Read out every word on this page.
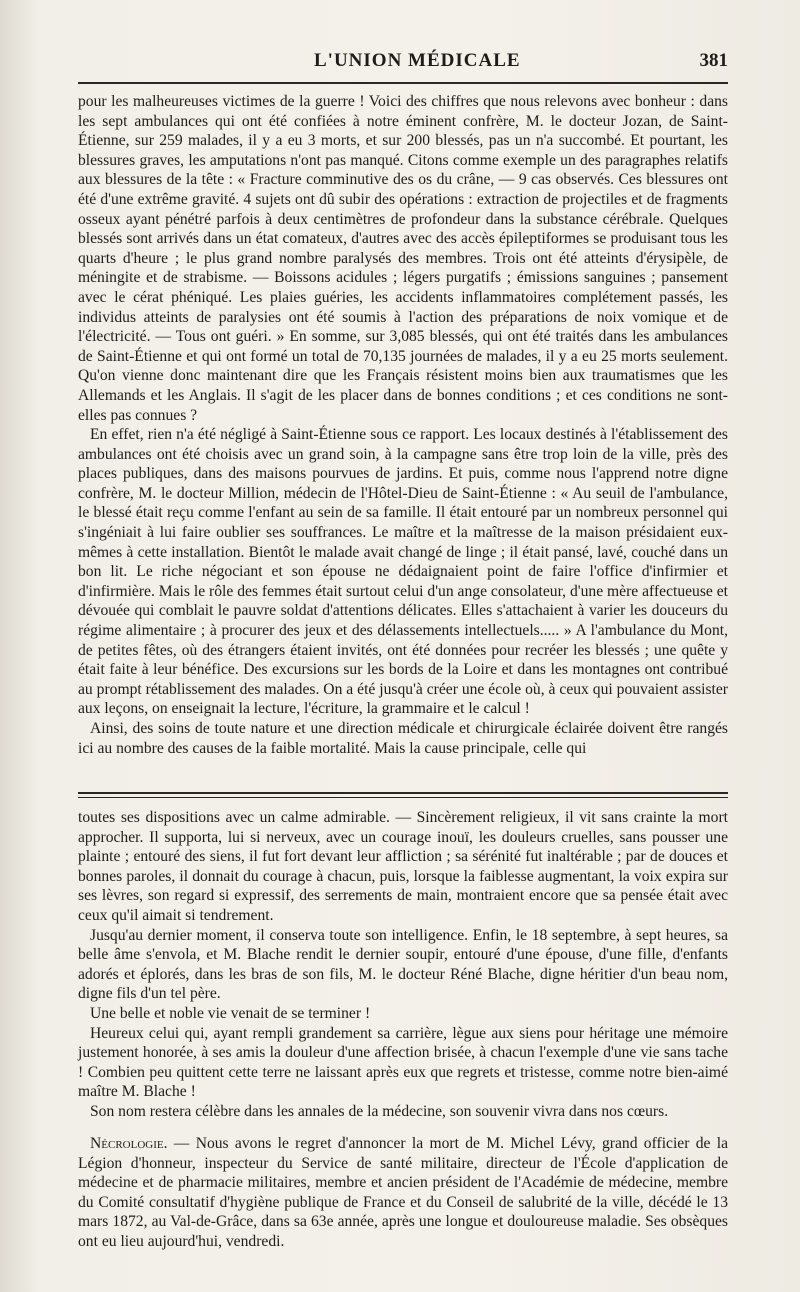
L'UNION MÉDICALE	381

pour les malheureuses victimes de la guerre ! Voici des chiffres que nous relevons avec bonheur : dans les sept ambulances qui ont été confiées à notre éminent confrère, M. le docteur Jozan, de Saint-Étienne, sur 259 malades, il y a eu 3 morts, et sur 200 blessés, pas un n'a succombé. Et pourtant, les blessures graves, les amputations n'ont pas manqué. Citons comme exemple un des paragraphes relatifs aux blessures de la tête : « Fracture comminutive des os du crâne, — 9 cas observés. Ces blessures ont été d'une extrême gravité. 4 sujets ont dû subir des opérations : extraction de projectiles et de fragments osseux ayant pénétré parfois à deux centimètres de profondeur dans la substance cérébrale. Quelques blessés sont arrivés dans un état comateux, d'autres avec des accès épileptiformes se produisant tous les quarts d'heure ; le plus grand nombre paralysés des membres. Trois ont été atteints d'érysipèle, de méningite et de strabisme. — Boissons acidules ; légers purgatifs ; émissions sanguines ; pansement avec le cérat phéniqué. Les plaies guéries, les accidents inflammatoires complétement passés, les individus atteints de paralysies ont été soumis à l'action des préparations de noix vomique et de l'électricité. — Tous ont guéri. » En somme, sur 3,085 blessés, qui ont été traités dans les ambulances de Saint-Étienne et qui ont formé un total de 70,135 journées de malades, il y a eu 25 morts seulement. Qu'on vienne donc maintenant dire que les Français résistent moins bien aux traumatismes que les Allemands et les Anglais. Il s'agit de les placer dans de bonnes conditions ; et ces conditions ne sont-elles pas connues ?

En effet, rien n'a été négligé à Saint-Étienne sous ce rapport. Les locaux destinés à l'établissement des ambulances ont été choisis avec un grand soin, à la campagne sans être trop loin de la ville, près des places publiques, dans des maisons pourvues de jardins. Et puis, comme nous l'apprend notre digne confrère, M. le docteur Million, médecin de l'Hôtel-Dieu de Saint-Étienne : « Au seuil de l'ambulance, le blessé était reçu comme l'enfant au sein de sa famille. Il était entouré par un nombreux personnel qui s'ingéniait à lui faire oublier ses souffrances. Le maître et la maîtresse de la maison présidaient eux-mêmes à cette installation. Bientôt le malade avait changé de linge ; il était pansé, lavé, couché dans un bon lit. Le riche négociant et son épouse ne dédaignaient point de faire l'office d'infirmier et d'infirmière. Mais le rôle des femmes était surtout celui d'un ange consolateur, d'une mère affectueuse et dévouée qui comblait le pauvre soldat d'attentions délicates. Elles s'attachaient à varier les douceurs du régime alimentaire ; à procurer des jeux et des délassements intellectuels..... » A l'ambulance du Mont, de petites fêtes, où des étrangers étaient invités, ont été données pour recréer les blessés ; une quête y était faite à leur bénéfice. Des excursions sur les bords de la Loire et dans les montagnes ont contribué au prompt rétablissement des malades. On a été jusqu'à créer une école où, à ceux qui pouvaient assister aux leçons, on enseignait la lecture, l'écriture, la grammaire et le calcul !

Ainsi, des soins de toute nature et une direction médicale et chirurgicale éclairée doivent être rangés ici au nombre des causes de la faible mortalité. Mais la cause principale, celle qui

toutes ses dispositions avec un calme admirable. — Sincèrement religieux, il vit sans crainte la mort approcher. Il supporta, lui si nerveux, avec un courage inouï, les douleurs cruelles, sans pousser une plainte ; entouré des siens, il fut fort devant leur affliction ; sa sérénité fut inaltérable ; par de douces et bonnes paroles, il donnait du courage à chacun, puis, lorsque la faiblesse augmentant, la voix expira sur ses lèvres, son regard si expressif, des serrements de main, montraient encore que sa pensée était avec ceux qu'il aimait si tendrement.

Jusqu'au dernier moment, il conserva toute son intelligence. Enfin, le 18 septembre, à sept heures, sa belle âme s'envola, et M. Blache rendit le dernier soupir, entouré d'une épouse, d'une fille, d'enfants adorés et éplorés, dans les bras de son fils, M. le docteur Réné Blache, digne héritier d'un beau nom, digne fils d'un tel père.

Une belle et noble vie venait de se terminer !

Heureux celui qui, ayant rempli grandement sa carrière, lègue aux siens pour héritage une mémoire justement honorée, à ses amis la douleur d'une affection brisée, à chacun l'exemple d'une vie sans tache ! Combien peu quittent cette terre ne laissant après eux que regrets et tristesse, comme notre bien-aimé maître M. Blache !

Son nom restera célèbre dans les annales de la médecine, son souvenir vivra dans nos cœurs.

Nécrologie. — Nous avons le regret d'annoncer la mort de M. Michel Lévy, grand officier de la Légion d'honneur, inspecteur du Service de santé militaire, directeur de l'École d'application de médecine et de pharmacie militaires, membre et ancien président de l'Académie de médecine, membre du Comité consultatif d'hygiène publique de France et du Conseil de salubrité de la ville, décédé le 13 mars 1872, au Val-de-Grâce, dans sa 63e année, après une longue et douloureuse maladie. Ses obsèques ont eu lieu aujourd'hui, vendredi.
